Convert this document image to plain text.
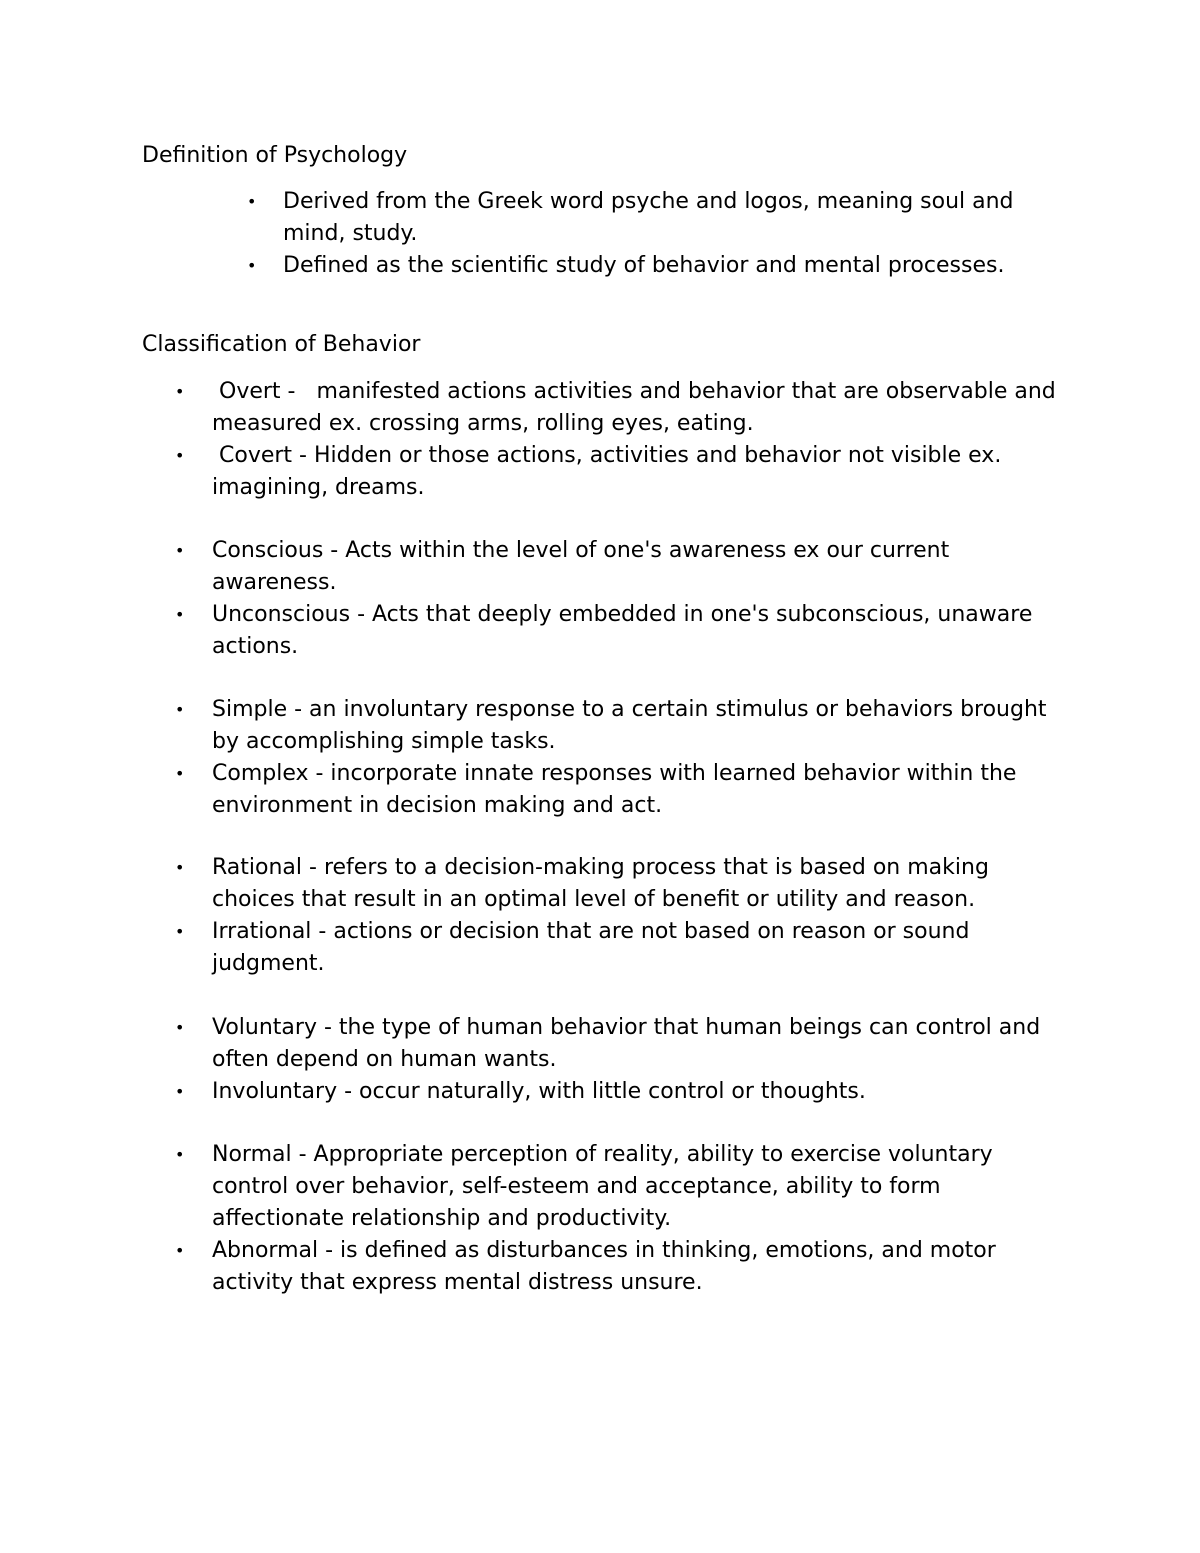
Definition of Psychology
• Derived from the Greek word psyche and logos, meaning soul and mind, study.
• Defined as the scientific study of behavior and mental processes.
Classification of Behavior
• Overt -   manifested actions activities and behavior that are observable and measured ex. crossing arms, rolling eyes, eating.
• Covert - Hidden or those actions, activities and behavior not visible ex. imagining, dreams.
• Conscious - Acts within the level of one's awareness ex our current awareness.
• Unconscious - Acts that deeply embedded in one's subconscious, unaware actions.
• Simple - an involuntary response to a certain stimulus or behaviors brought by accomplishing simple tasks.
• Complex - incorporate innate responses with learned behavior within the environment in decision making and act.
• Rational - refers to a decision-making process that is based on making choices that result in an optimal level of benefit or utility and reason.
• Irrational - actions or decision that are not based on reason or sound judgment.
• Voluntary - the type of human behavior that human beings can control and often depend on human wants.
• Involuntary - occur naturally, with little control or thoughts.
• Normal - Appropriate perception of reality, ability to exercise voluntary control over behavior, self-esteem and acceptance, ability to form affectionate relationship and productivity.
• Abnormal - is defined as disturbances in thinking, emotions, and motor activity that express mental distress unsure.
